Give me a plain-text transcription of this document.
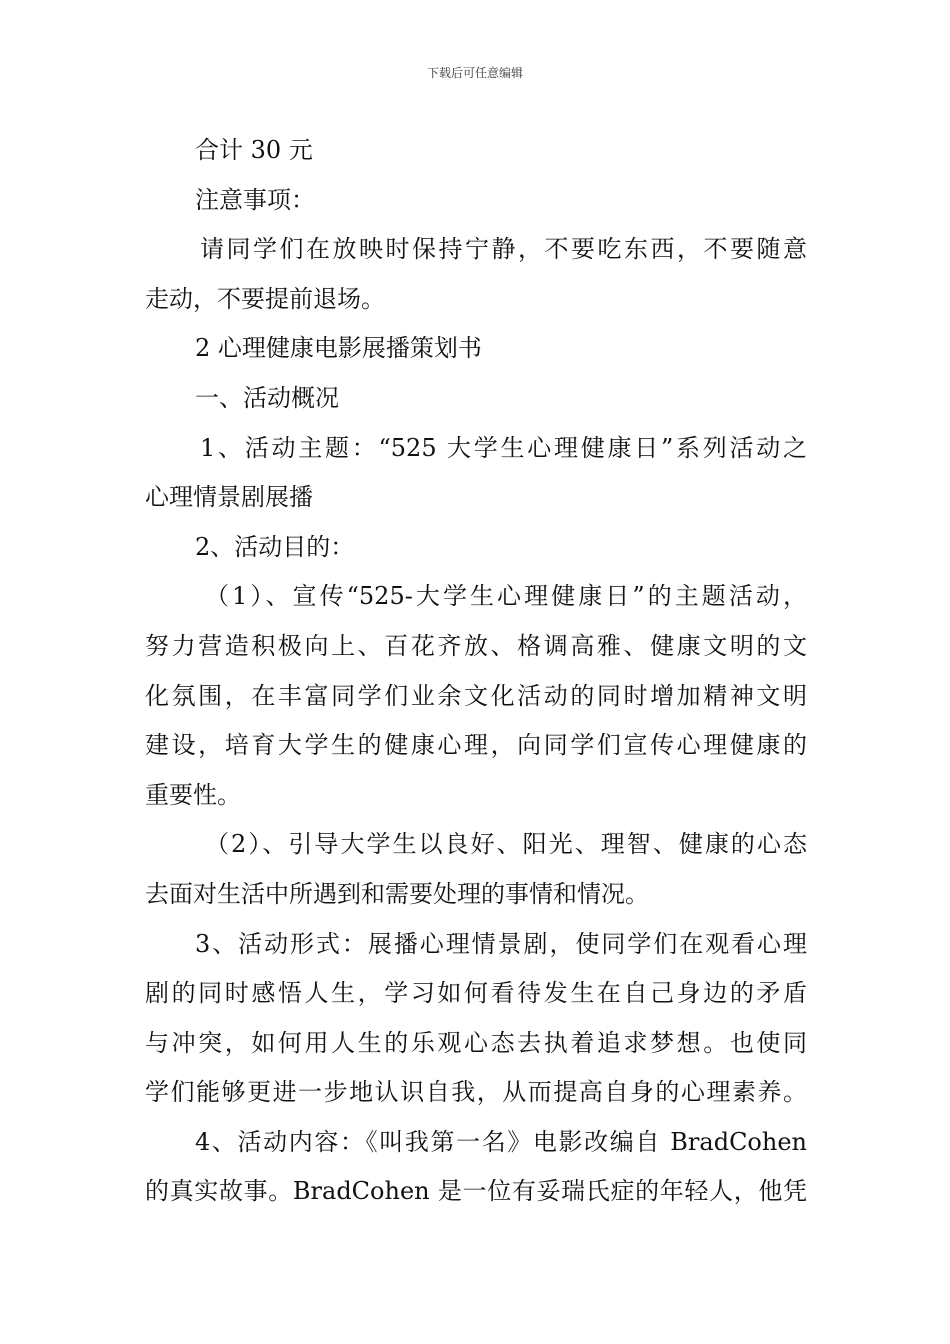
下载后可任意编辑
合计 30 元
注意事项：
请同学们在放映时保持宁静，不要吃东西，不要随意
走动，不要提前退场。
2 心理健康电影展播策划书
一、活动概况
1、活动主题：“525 大学生心理健康日”系列活动之
心理情景剧展播
2、活动目的：
（1）、宣传“525-大学生心理健康日”的主题活动，
努力营造积极向上、百花齐放、格调高雅、健康文明的文
化氛围，在丰富同学们业余文化活动的同时增加精神文明
建设，培育大学生的健康心理，向同学们宣传心理健康的
重要性。
（2）、引导大学生以良好、阳光、理智、健康的心态
去面对生活中所遇到和需要处理的事情和情况。
3、活动形式：展播心理情景剧，使同学们在观看心理
剧的同时感悟人生，学习如何看待发生在自己身边的矛盾
与冲突，如何用人生的乐观心态去执着追求梦想。也使同
学们能够更进一步地认识自我，从而提高自身的心理素养。
4、活动内容：《叫我第一名》电影改编自 BradCohen
的真实故事。BradCohen 是一位有妥瑞氏症的年轻人，他凭
